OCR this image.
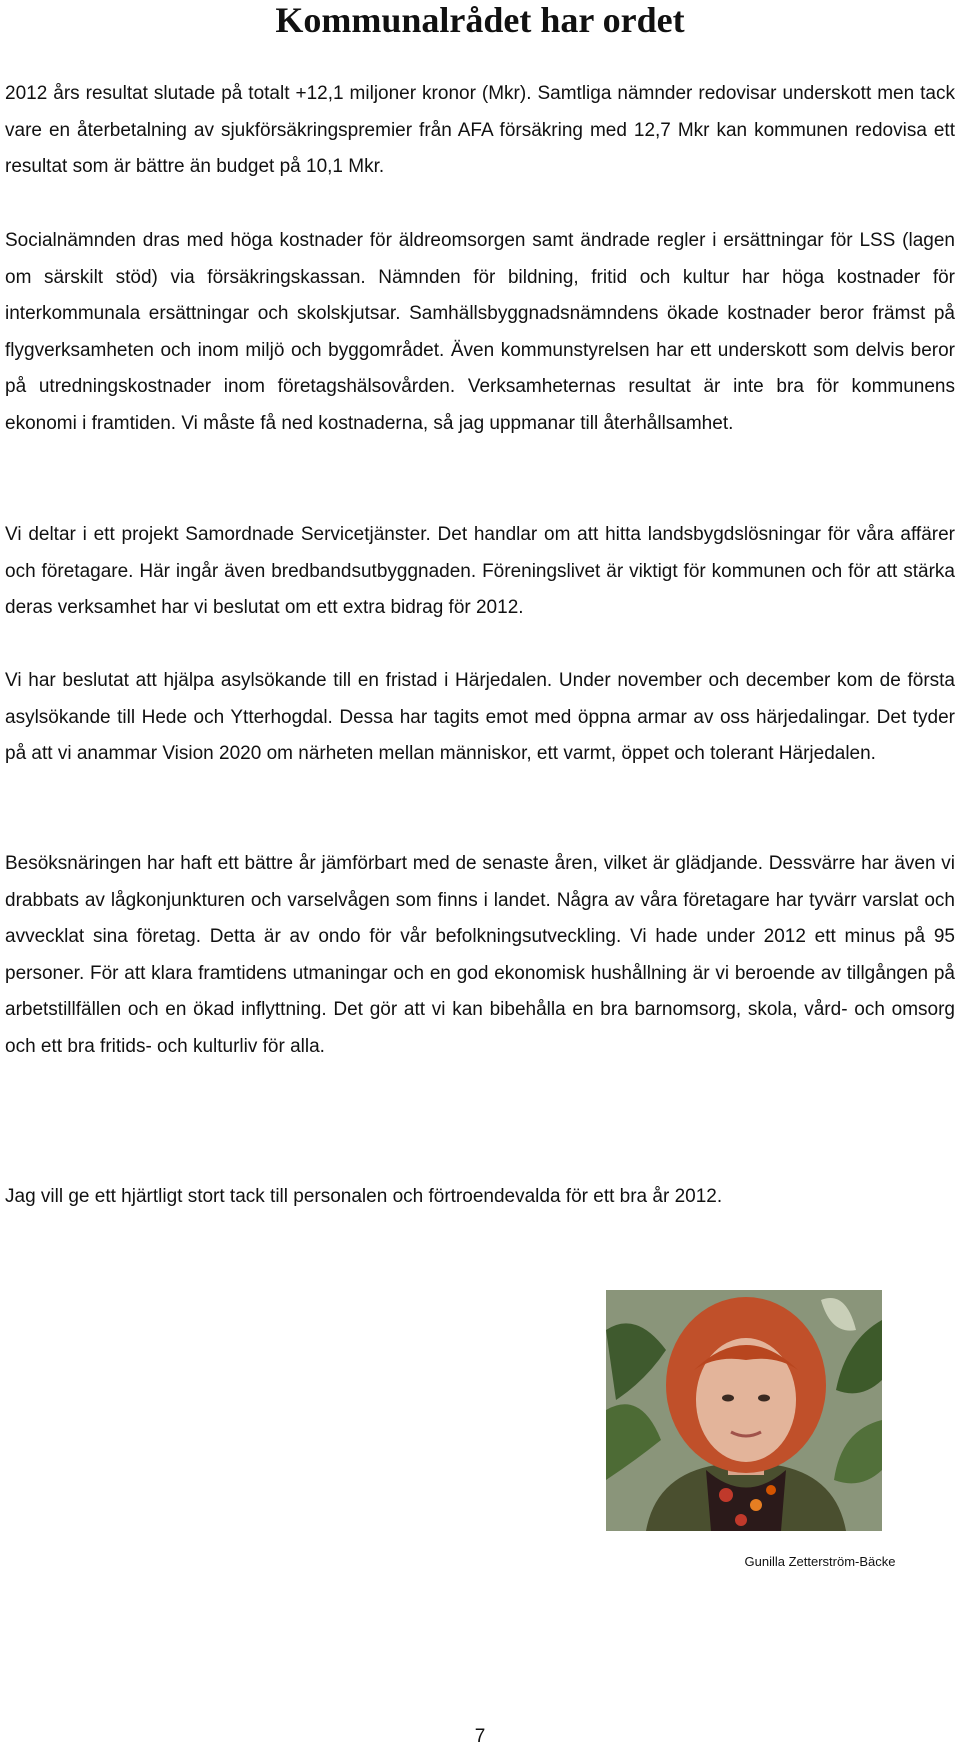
Kommunalrådet har ordet

2012 års resultat slutade på totalt +12,1 miljoner kronor (Mkr). Samtliga nämnder redovisar underskott men tack vare en återbetalning av sjukförsäkringspremier från AFA försäkring med 12,7 Mkr kan kommunen redovisa ett resultat som är bättre än budget på 10,1 Mkr.

Socialnämnden dras med höga kostnader för äldreomsorgen samt ändrade regler i ersättningar för LSS (lagen om särskilt stöd) via försäkringskassan. Nämnden för bildning, fritid och kultur har höga kostnader för interkommunala ersättningar och skolskjutsar. Samhällsbyggnadsnämndens ökade kostnader beror främst på flygverksamheten och inom miljö och byggområdet. Även kommunstyrelsen har ett underskott som delvis beror på utredningskostnader inom företagshälsovården. Verksamheternas resultat är inte bra för kommunens ekonomi i framtiden. Vi måste få ned kostnaderna, så jag uppmanar till återhållsamhet.

Vi deltar i ett projekt Samordnade Servicetjänster. Det handlar om att hitta landsbygdslösningar för våra affärer och företagare. Här ingår även bredbandsutbyggnaden. Föreningslivet är viktigt för kommunen och för att stärka deras verksamhet har vi beslutat om ett extra bidrag för 2012.

Vi har beslutat att hjälpa asylsökande till en fristad i Härjedalen. Under november och december kom de första asylsökande till Hede och Ytterhogdal. Dessa har tagits emot med öppna armar av oss härjedalingar. Det tyder på att vi anammar Vision 2020 om närheten mellan människor, ett varmt, öppet och tolerant Härjedalen.

Besöksnäringen har haft ett bättre år jämförbart med de senaste åren, vilket är glädjande. Dessvärre har även vi drabbats av lågkonjunkturen och varselvågen som finns i landet. Några av våra företagare har tyvärr varslat och avvecklat sina företag. Detta är av ondo för vår befolkningsutveckling. Vi hade under 2012 ett minus på 95 personer. För att klara framtidens utmaningar och en god ekonomisk hushållning är vi beroende av tillgången på arbetstillfällen och en ökad inflyttning. Det gör att vi kan bibehålla en bra barnomsorg, skola, vård- och omsorg och ett bra fritids- och kulturliv för alla.

Jag vill ge ett hjärtligt stort tack till personalen och förtroendevalda för ett bra år 2012.

Gunilla Zetterström-Bäcke

7
